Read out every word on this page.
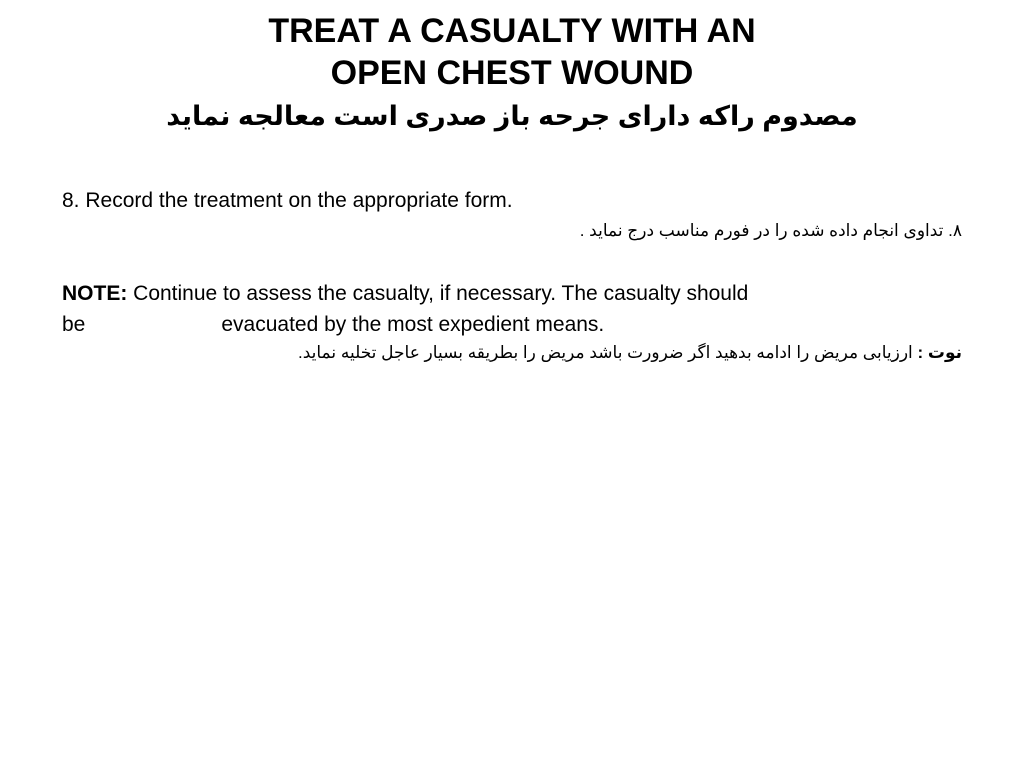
TREAT A CASUALTY WITH AN
OPEN CHEST WOUND
مصدوم راکه دارای جرحه باز صدری است معالجه نماید
8. Record the treatment on the appropriate form.
۸. تداوی انجام داده شده را در فورم مناسب درج نماید .
NOTE: Continue to assess the casualty, if necessary. The casualty should
be	evacuated by the most expedient means.
نوت : ارزیابی مریض را ادامه بدهید اگر ضرورت باشد مریض را بطریقه بسیار عاجل تخلیه نماید.
